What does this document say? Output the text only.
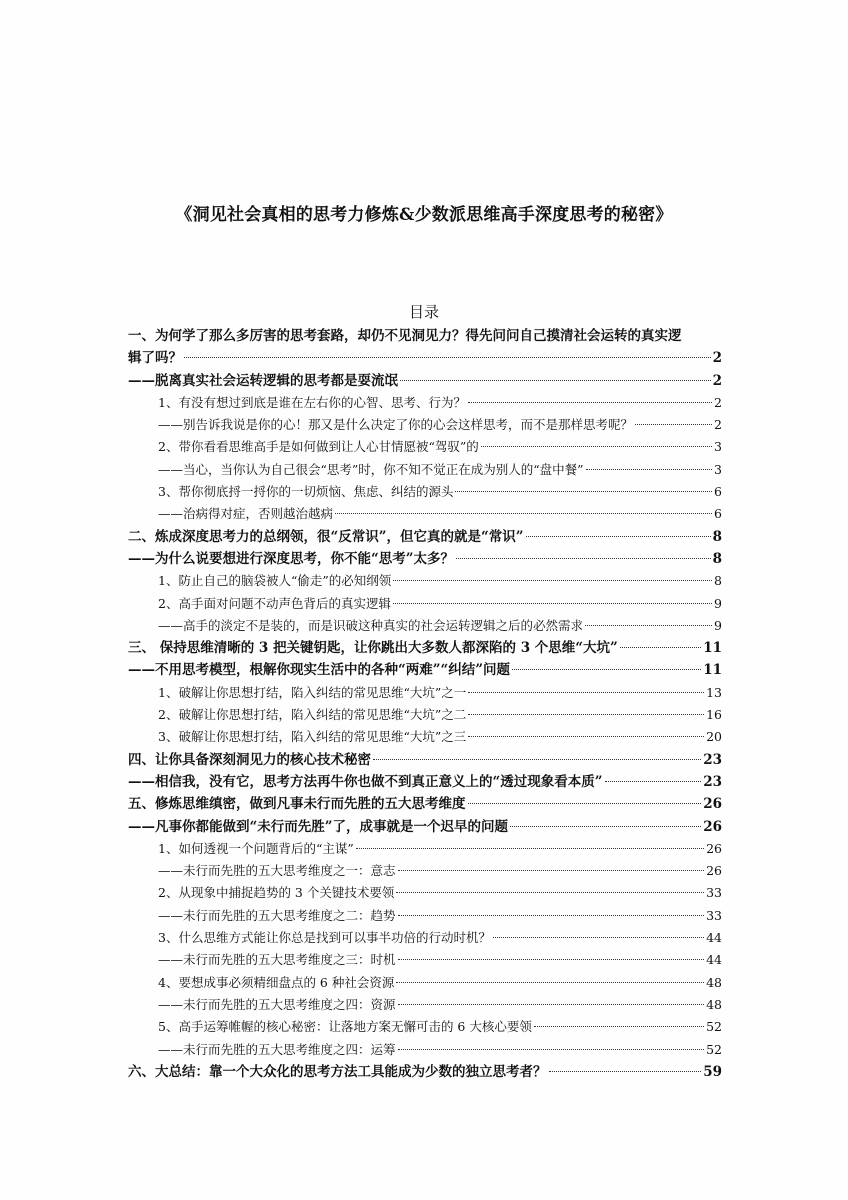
《洞见社会真相的思考力修炼&少数派思维高手深度思考的秘密》
目录
一、为何学了那么多厉害的思考套路，却仍不见洞见力？得先问问自己摸清社会运转的真实逻
辑了吗？	2
——脱离真实社会运转逻辑的思考都是耍流氓	2
1、有没有想过到底是谁在左右你的心智、思考、行为？	2
——别告诉我说是你的心！那又是什么决定了你的心会这样思考，而不是那样思考呢？	2
2、带你看看思维高手是如何做到让人心甘情愿被“驾驭”的	3
——当心，当你认为自己很会“思考”时，你不知不觉正在成为别人的“盘中餐”	3
3、帮你彻底捋一捋你的一切烦恼、焦虑、纠结的源头	6
——治病得对症，否则越治越病	6
二、炼成深度思考力的总纲领，很“反常识”，但它真的就是“常识”	8
——为什么说要想进行深度思考，你不能“思考”太多？	8
1、防止自己的脑袋被人“偷走”的必知纲领	8
2、高手面对问题不动声色背后的真实逻辑	9
——高手的淡定不是装的，而是识破这种真实的社会运转逻辑之后的必然需求	9
三、 保持思维清晰的 3 把关键钥匙，让你跳出大多数人都深陷的 3 个思维“大坑”	11
——不用思考模型，根解你现实生活中的各种“两难”“纠结”问题	11
1、破解让你思想打结，陷入纠结的常见思维“大坑”之一	13
2、破解让你思想打结，陷入纠结的常见思维“大坑”之二	16
3、破解让你思想打结，陷入纠结的常见思维“大坑”之三	20
四、让你具备深刻洞见力的核心技术秘密	23
——相信我，没有它，思考方法再牛你也做不到真正意义上的“透过现象看本质”	23
五、修炼思维缜密，做到凡事未行而先胜的五大思考维度	26
——凡事你都能做到“未行而先胜”了，成事就是一个迟早的问题	26
1、如何透视一个问题背后的“主谋”	26
——未行而先胜的五大思考维度之一：意志	26
2、从现象中捕捉趋势的 3 个关键技术要领	33
——未行而先胜的五大思考维度之二：趋势	33
3、什么思维方式能让你总是找到可以事半功倍的行动时机？	44
——未行而先胜的五大思考维度之三：时机	44
4、要想成事必须精细盘点的 6 种社会资源	48
——未行而先胜的五大思考维度之四：资源	48
5、高手运筹帷幄的核心秘密：让落地方案无懈可击的 6 大核心要领	52
——未行而先胜的五大思考维度之四：运筹	52
六、大总结：靠一个大众化的思考方法工具能成为少数的独立思考者？	59
